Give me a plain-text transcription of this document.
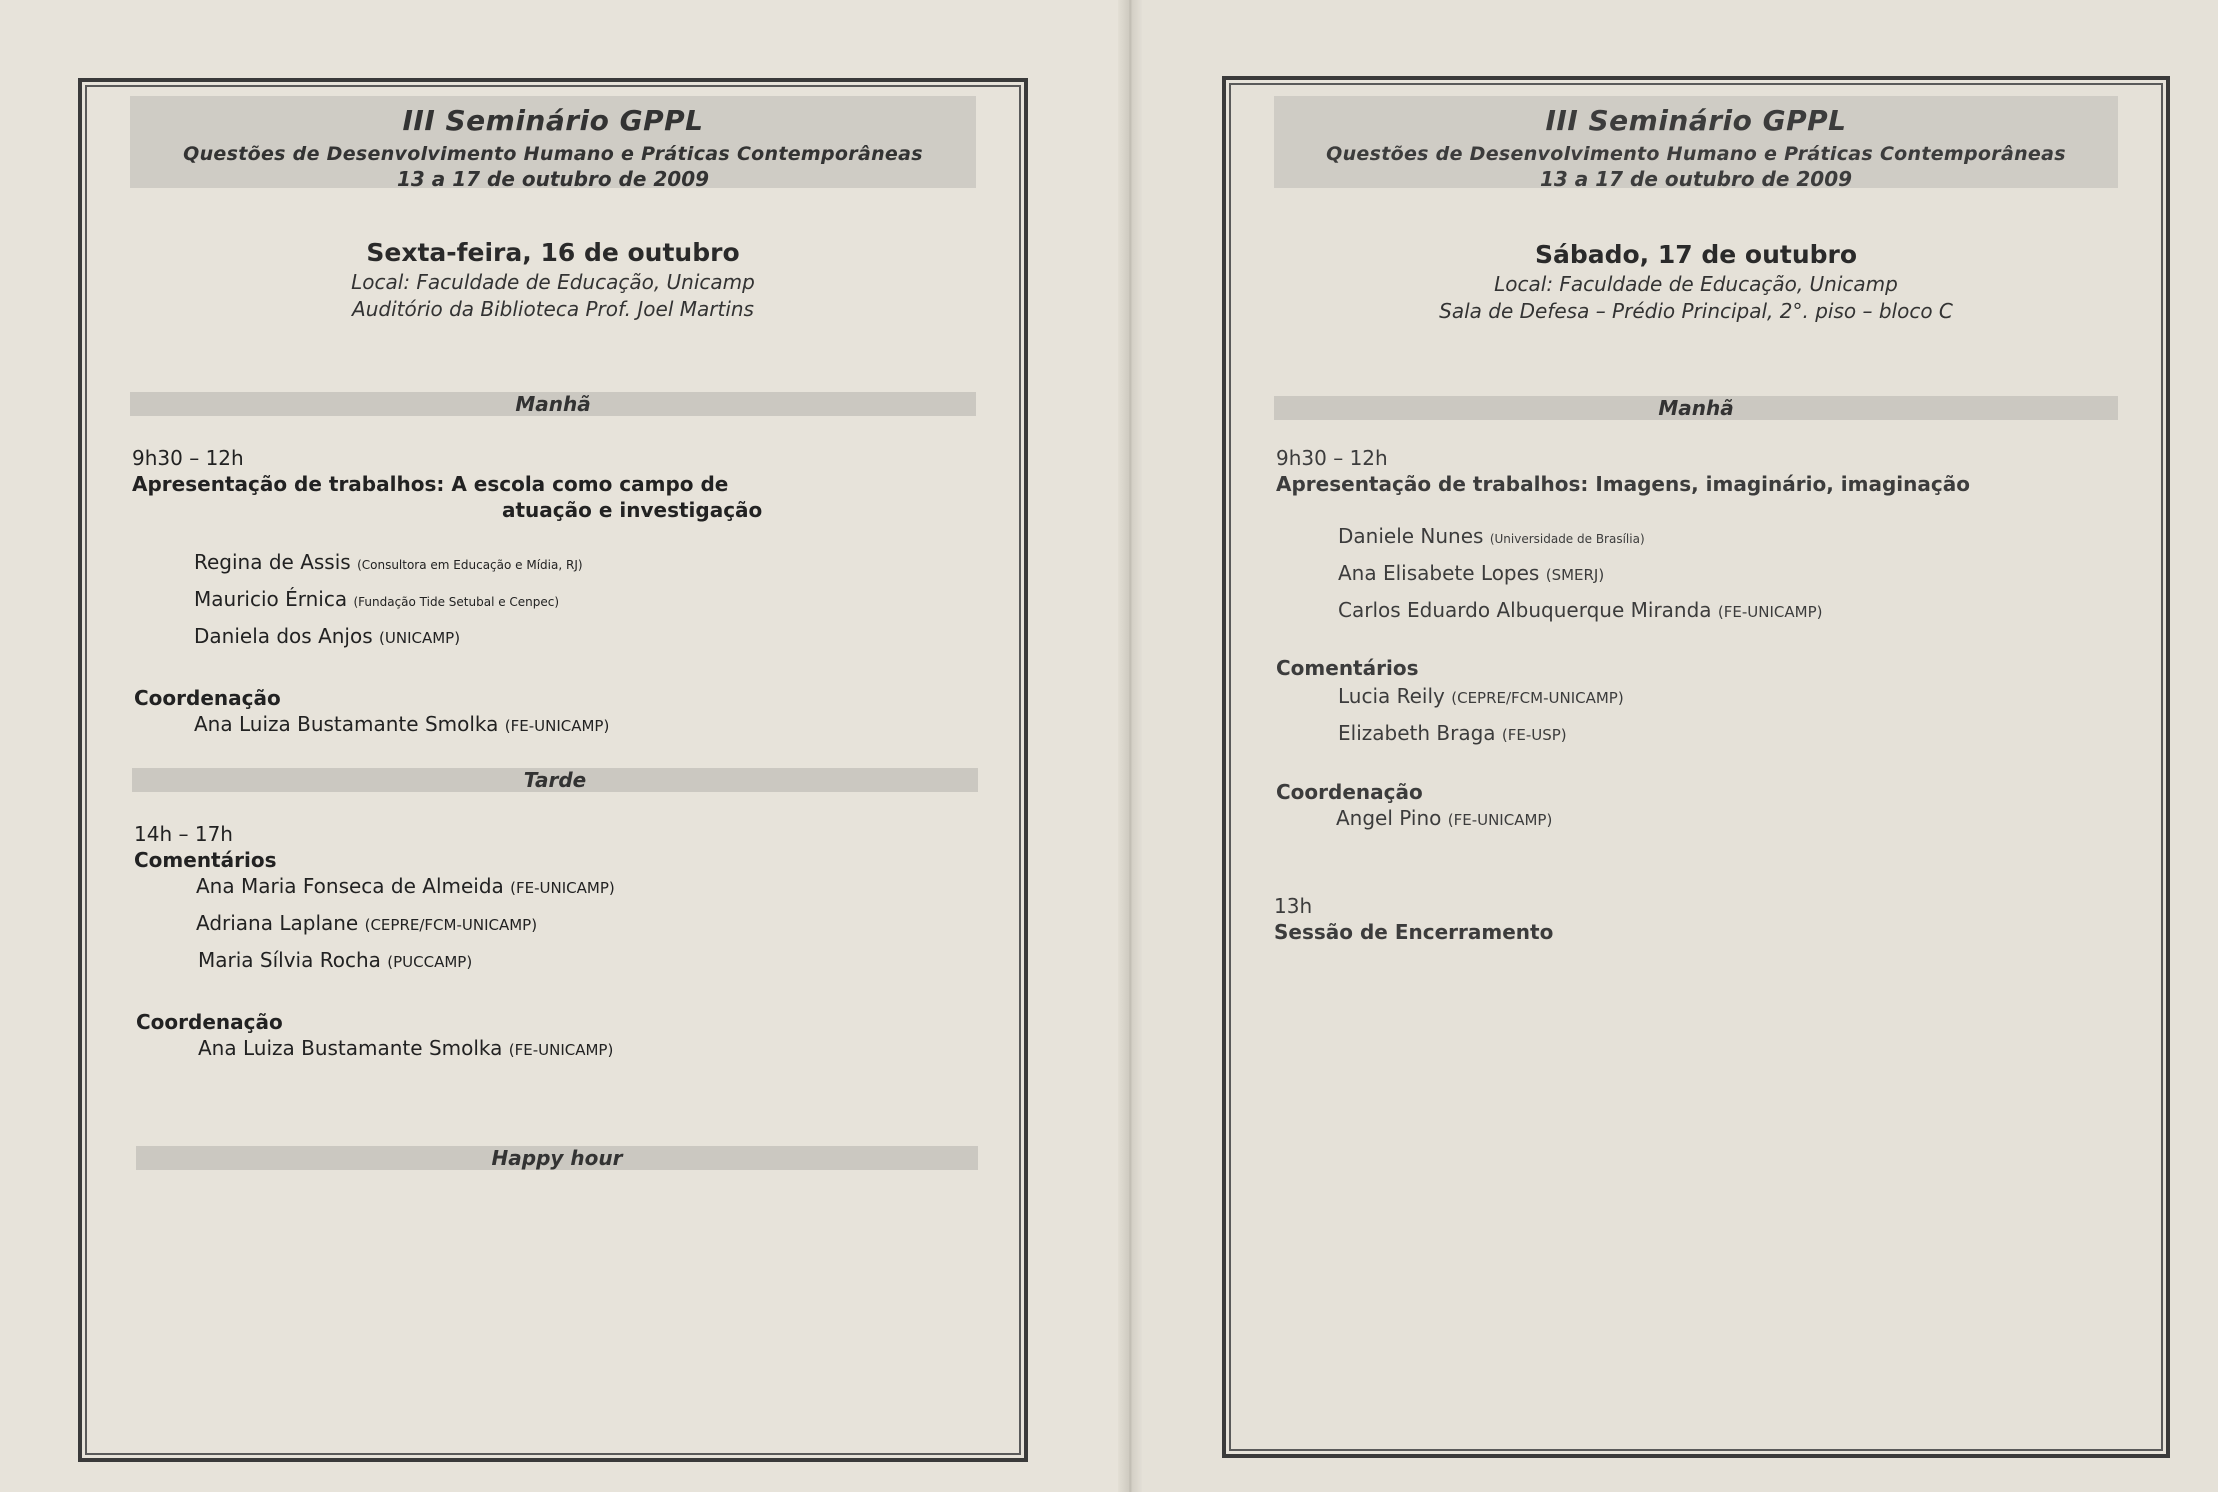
III Seminário GPPL
Questões de Desenvolvimento Humano e Práticas Contemporâneas
13 a 17 de outubro de 2009
Sexta-feira, 16 de outubro
Local: Faculdade de Educação, Unicamp
Auditório da Biblioteca Prof. Joel Martins
Manhã
9h30 – 12h
Apresentação de trabalhos: A escola como campo de
atuação e investigação
Regina de Assis (Consultora em Educação e Mídia, RJ)
Mauricio Érnica (Fundação Tide Setubal e Cenpec)
Daniela dos Anjos (UNICAMP)
Coordenação
Ana Luiza Bustamante Smolka (FE-UNICAMP)
Tarde
14h – 17h
Comentários
Ana Maria Fonseca de Almeida (FE-UNICAMP)
Adriana Laplane (CEPRE/FCM-UNICAMP)
Maria Sílvia Rocha (PUCCAMP)
Coordenação
Ana Luiza Bustamante Smolka (FE-UNICAMP)
Happy hour
III Seminário GPPL
Questões de Desenvolvimento Humano e Práticas Contemporâneas
13 a 17 de outubro de 2009
Sábado, 17 de outubro
Local: Faculdade de Educação, Unicamp
Sala de Defesa – Prédio Principal, 2°. piso – bloco C
Manhã
9h30 – 12h
Apresentação de trabalhos: Imagens, imaginário, imaginação
Daniele Nunes (Universidade de Brasília)
Ana Elisabete Lopes (SMERJ)
Carlos Eduardo Albuquerque Miranda (FE-UNICAMP)
Comentários
Lucia Reily (CEPRE/FCM-UNICAMP)
Elizabeth Braga (FE-USP)
Coordenação
Angel Pino (FE-UNICAMP)
13h
Sessão de Encerramento
